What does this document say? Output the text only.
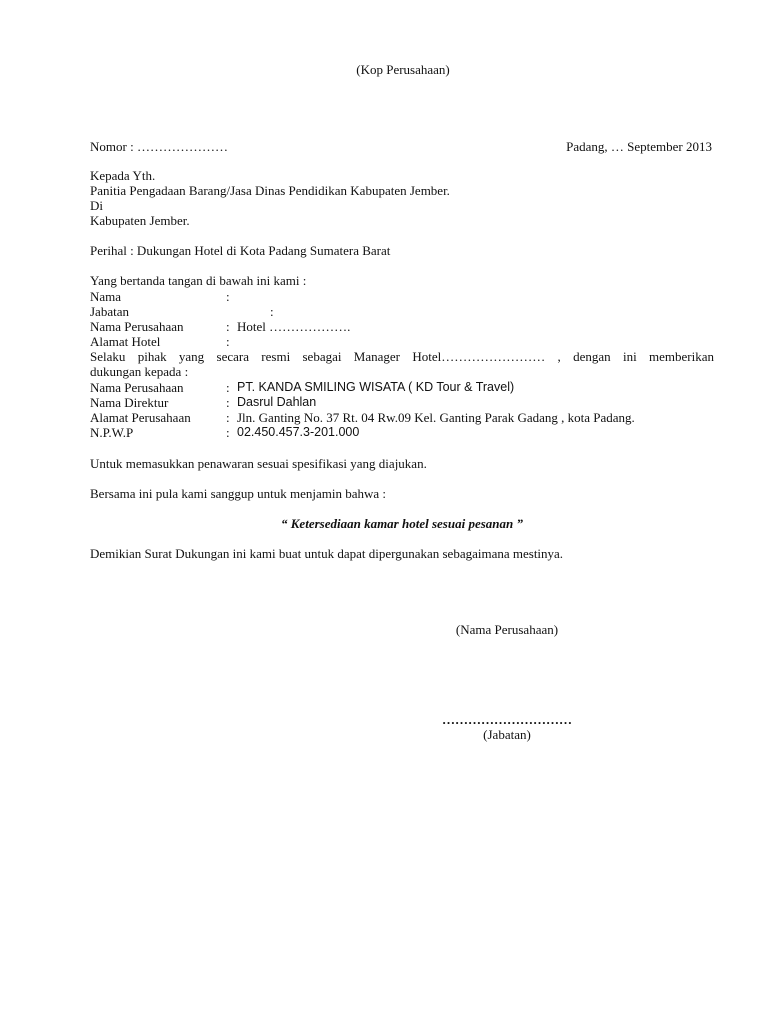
(Kop Perusahaan)
Nomor : …………………	Padang, … September 2013
Kepada Yth.
Panitia Pengadaan Barang/Jasa Dinas Pendidikan Kabupaten Jember.
Di
Kabupaten Jember.
Perihal : Dukungan Hotel di Kota Padang Sumatera Barat
Yang bertanda tangan di bawah ini kami :
Nama	:
Jabatan	:
Nama Perusahaan	: Hotel ……………….
Alamat Hotel	:
Selaku pihak yang secara resmi sebagai Manager Hotel…………………… , dengan ini memberikan
dukungan kepada :
Nama Perusahaan	: PT. KANDA SMILING WISATA ( KD Tour & Travel)
Nama Direktur	: Dasrul Dahlan
Alamat Perusahaan	: Jln. Ganting No. 37 Rt. 04 Rw.09 Kel. Ganting Parak Gadang , kota Padang.
N.P.W.P	: 02.450.457.3-201.000
Untuk memasukkan penawaran sesuai spesifikasi yang diajukan.
Bersama ini pula kami sanggup untuk menjamin bahwa :
“ Ketersediaan kamar hotel sesuai pesanan ”
Demikian Surat Dukungan ini kami buat untuk dapat dipergunakan sebagaimana mestinya.
(Nama Perusahaan)
…………………………
(Jabatan)
